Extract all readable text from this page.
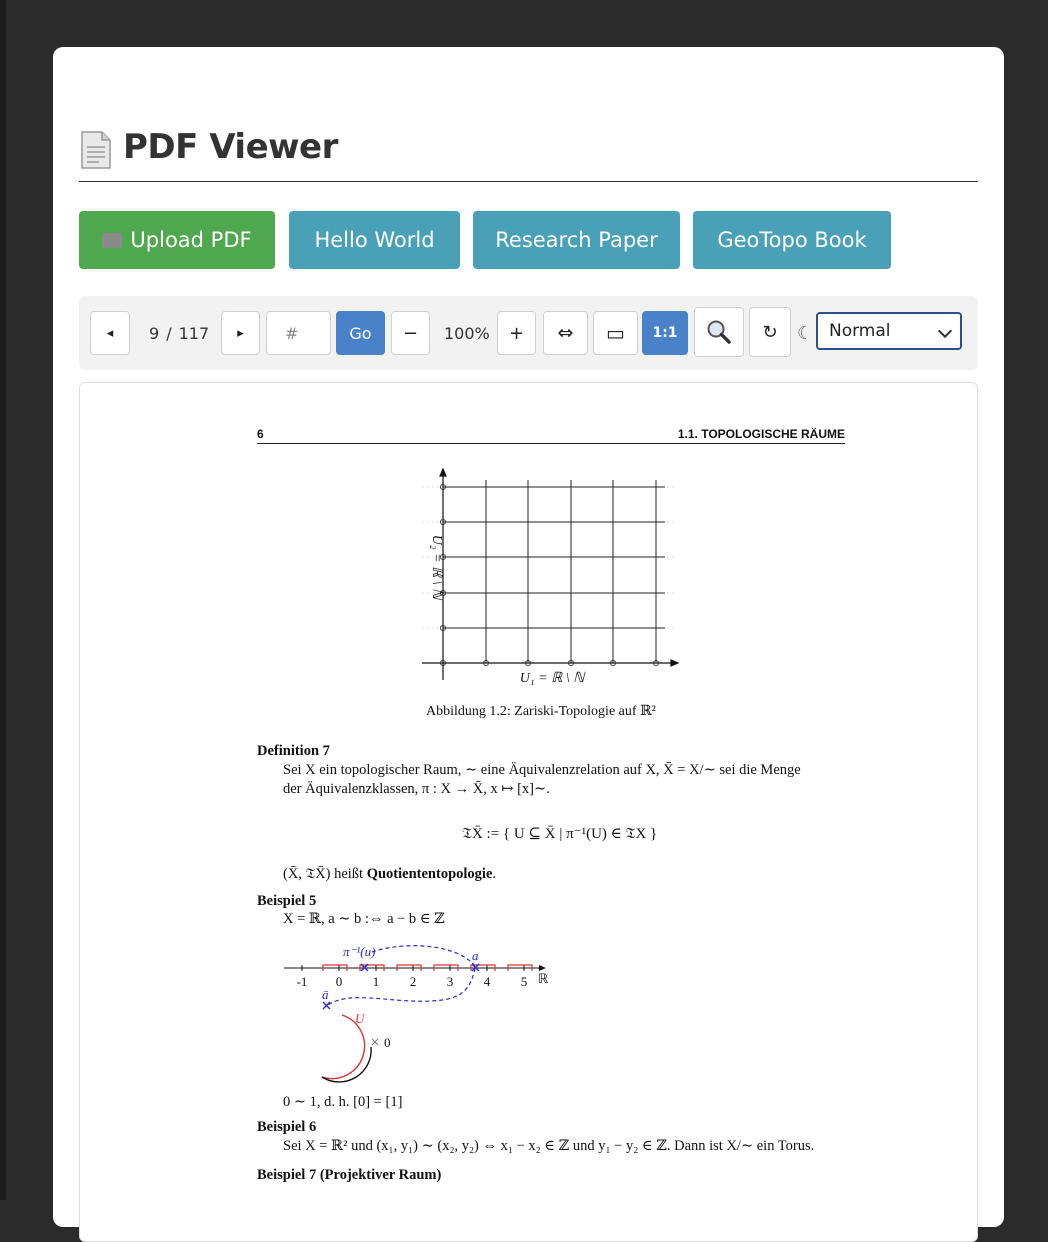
PDF Viewer
Upload PDF	Hello World	Research Paper	GeoTopo Book
◂	9 / 117	▸	#	Go	−	100%	+	⇔	▭	1:1	↻	☾ Normal
6	1.1. TOPOLOGISCHE RÄUME
U₂ = ℝ \ ℕ
U₁ = ℝ \ ℕ
Abbildung 1.2: Zariski-Topologie auf ℝ²
Definition 7
Sei X ein topologischer Raum, ∼ eine Äquivalenzrelation auf X, X̄ = X/∼ sei die Menge
der Äquivalenzklassen, π : X → X̄, x ↦ [x]∼.
𝔗X̄ := { U ⊆ X̄ | π⁻¹(U) ∈ 𝔗X }
(X̄, 𝔗X̄) heißt Quotiententopologie.
Beispiel 5
X = ℝ, a ∼ b :⇔ a − b ∈ ℤ
-1 0 1 2 3 4 5 ℝ
π⁻¹(u)	a
ā
U
0
0 ∼ 1, d. h. [0] = [1]
Beispiel 6
Sei X = ℝ² und (x₁, y₁) ∼ (x₂, y₂) ⇔ x₁ − x₂ ∈ ℤ und y₁ − y₂ ∈ ℤ. Dann ist X/∼ ein Torus.
Beispiel 7 (Projektiver Raum)
